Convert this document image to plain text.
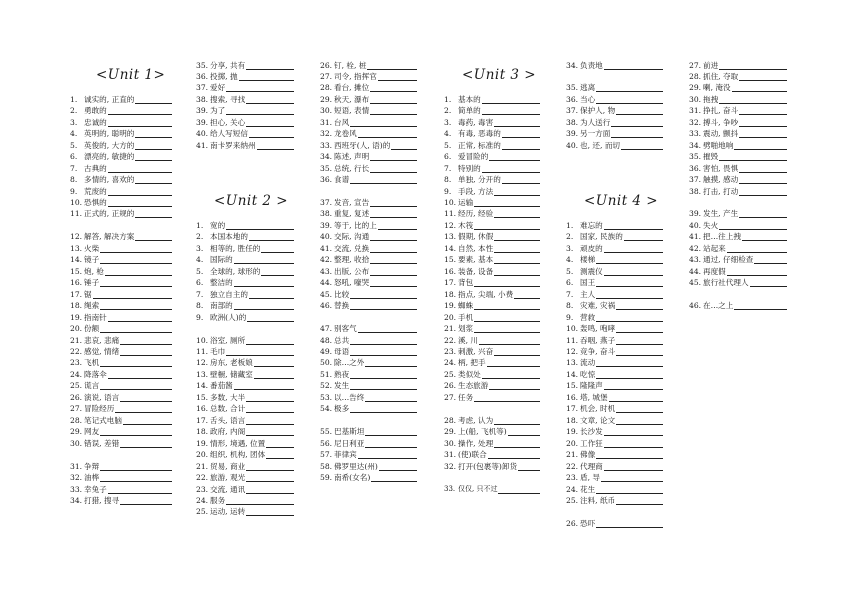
<Unit 1>
1. 诚实的, 正直的
2. 勇敢的
3. 忠诚的
4. 英明的, 聪明的
5. 英俊的, 大方的
6. 漂亮的, 敏捷的
7. 古典的
8. 多情的, 喜欢的
9. 荒废的
10. 恐惧的
11. 正式的, 正规的
12. 解答, 解决方案
13. 火柴
14. 镜子
15. 炮, 枪
16. 锤子
17. 锯
18. 绳索
19. 指南针
20. 份额
21. 悲哀, 悲痛
22. 感觉, 情绪
23. 飞机
24. 降落伞
25. 谎言
26. 演说, 语言
27. 冒险经历
28. 笔记式电脑
29. 网友
30. 错误, 差错
31. 争辩
32. 油桦
33. 幸兔子
34. 打猎, 搜寻
<Unit 2 >
35. 分享, 共有
36. 投掷, 抛
37. 爱好
38. 搜索, 寻找
39. 为了
39. 担心, 关心
40. 给人写短信
41. 南卡罗来纳州
1. 宽的
2. 本国本地的
3. 相等的, 胜任的
4. 国际的
5. 全球的, 球形的
6. 整洁的
7. 独立自主的
8. 南部的
9. 欧洲(人)的
10. 浴室, 厕所
11. 毛巾
12. 房东, 老板娘
13. 壁橱, 储藏室
14. 番茄酱
15. 多数, 大半
16. 总数, 合计
17. 舌头, 语言
18. 政府, 内阁
19. 情形, 境遇, 位置
20. 组织, 机构, 团体
21. 贸易, 商业
22. 旅游, 观光
23. 交流, 通讯
24. 服务
25. 运动, 运转
26. 钉, 栓, 桩
27. 司令, 指挥官
28. 看台, 摊位
29. 秋天, 瀑布
30. 短语, 表情
31. 台风
32. 龙卷风
33. 西班牙(人, 语)的
34. 陈述, 声明
35. 总统, 行长
36. 食谱
37. 发音, 宣告
38. 重复, 复述
39. 等于, 比的上
40. 交际, 沟通
41. 交流, 兑换
42. 整理, 收拾
43. 出版, 公布
44. 怒吼, 嚎哭
45. 比较
46. 替换
47. 别客气
48. 总共
49. 母语
50. 除…之外
51. 熟夜
52. 发生
53. 以…告终
54. 极多
55. 巴基斯坦
56. 尼日利亚
57. 菲律宾
58. 佛罗里达(州)
59. 南希(女名)
<Unit 3 >
1. 基本的
2. 简单的
3. 毒药, 毒害
4. 有毒, 恶毒的
5. 正常, 标准的
6. 爱冒险的
7. 特别的
8. 单独, 分开的
9. 手段, 方法
10. 运输
11. 经历, 经验
12. 木筏
13. 假期, 休假
14. 自然, 本性
15. 要素, 基本
16. 装备, 设备
17. 背包
18. 指点, 尖端, 小费
19. 蜘蛛
20. 手机
21. 划浆
22. 溪, 川
23. 刺激, 兴奋
24. 柄, 把手
25. 类似处
26. 生态旅游
27. 任务
28. 考虑, 认为
29. 上(船, 飞机等)
30. 操作, 处理
31. (使)联合
32. 打开(包裹等)卸货
33. 仅仅, 只不过
<Unit 4 >
34. 负责地
35. 逃离
36. 当心
37. 保护人, 物
38. 为人送行
39. 另一方面
40. 也, 还, 而切
1. 难忘的
2. 国家, 民族的
3. 顽皮的
4. 楼梯
5. 测震仪
6. 国王
7. 主人
8. 灾难, 灾祸
9. 营救
10. 轰鸣, 咆哮
11. 吞咽, 燕子
12. 竞争, 奋斗
13. 流动
14. 吃惊
15. 隆隆声
16. 塔, 城堡
17. 机会, 时机
18. 文章, 论文
19. 长沙发
20. 工作狂
21. 佛像
22. 代理商
23. 盾, 导
24. 花生
25. 注料, 纸币
26. 恐吓
27. 前进
28. 抓住, 夺取
29. 喇, 淹没
30. 拖拽
31. 挣扎, 奋斗
32. 搏斗, 争吵
33. 震动, 颤抖
34. 劈啪地响
35. 摧毁
36. 害怕, 畏惧
37. 触摸, 感动
38. 打击, 打动
39. 发生, 产生
40. 失火
41. 把…往上拽
42. 站起来
43. 通过, 仔细检查
44. 再度假
45. 旅行社代理人
46. 在…之上
